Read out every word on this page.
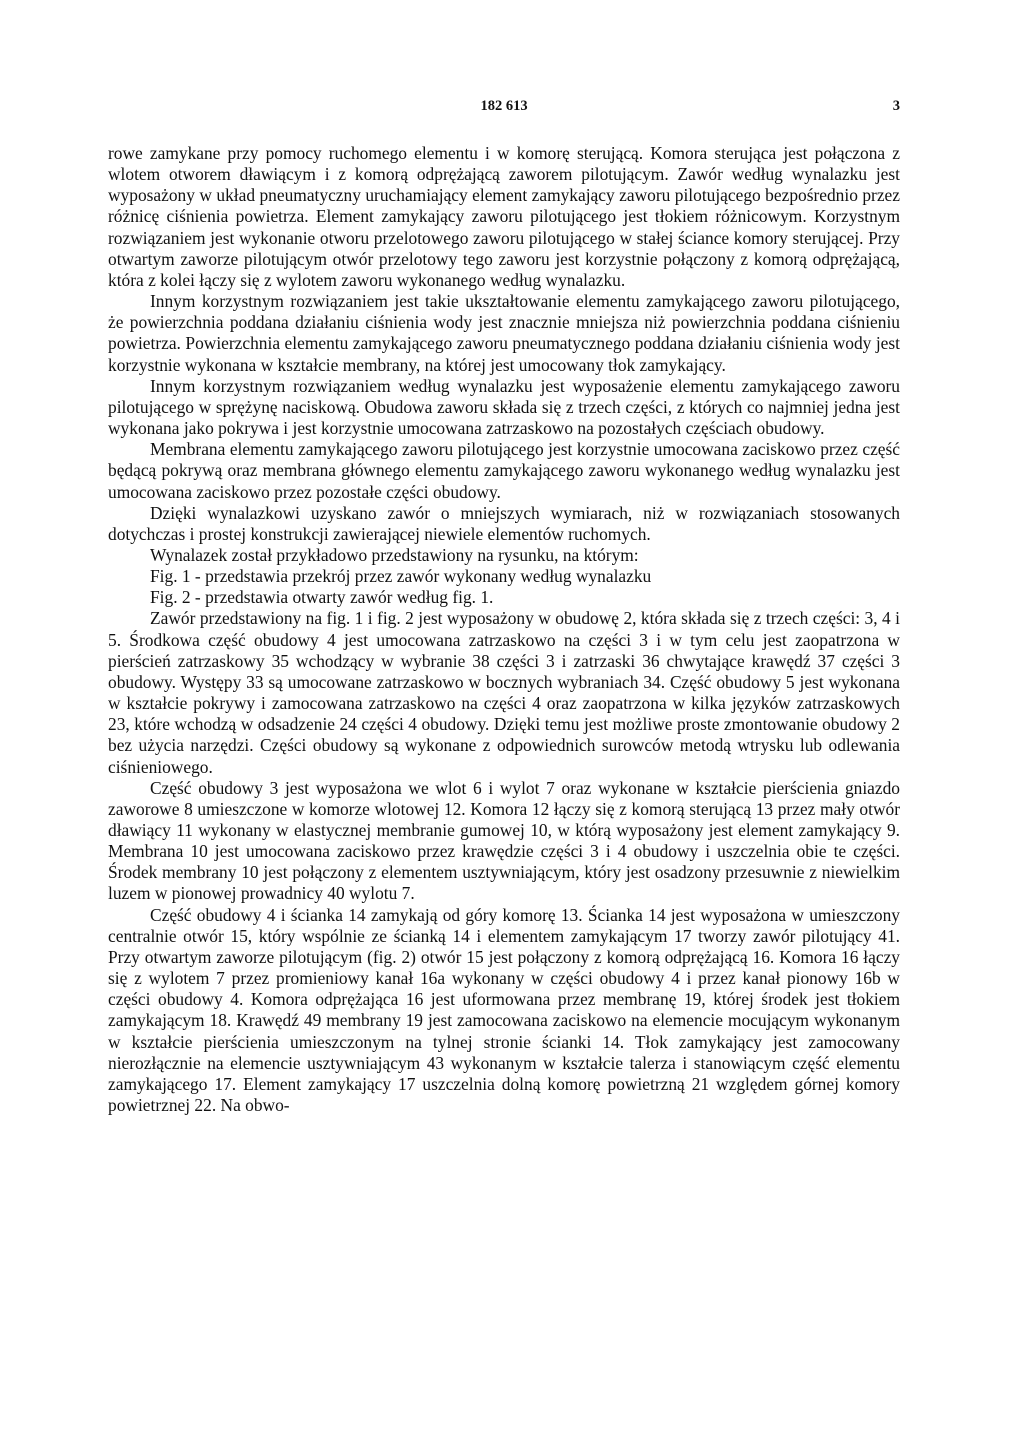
182 613	3

rowe zamykane przy pomocy ruchomego elementu i w komorę sterującą. Komora sterująca jest połączona z wlotem otworem dławiącym i z komorą odprężającą zaworem pilotującym. Zawór według wynalazku jest wyposażony w układ pneumatyczny uruchamiający element zamykający zaworu pilotującego bezpośrednio przez różnicę ciśnienia powietrza. Element zamykający zaworu pilotującego jest tłokiem różnicowym. Korzystnym rozwiązaniem jest wykonanie otworu przelotowego zaworu pilotującego w stałej ściance komory sterującej. Przy otwartym zaworze pilotującym otwór przelotowy tego zaworu jest korzystnie połączony z komorą odprężającą, która z kolei łączy się z wylotem zaworu wykonanego według wynalazku.

Innym korzystnym rozwiązaniem jest takie ukształtowanie elementu zamykającego zaworu pilotującego, że powierzchnia poddana działaniu ciśnienia wody jest znacznie mniejsza niż powierzchnia poddana ciśnieniu powietrza. Powierzchnia elementu zamykającego zaworu pneumatycznego poddana działaniu ciśnienia wody jest korzystnie wykonana w kształcie membrany, na której jest umocowany tłok zamykający.

Innym korzystnym rozwiązaniem według wynalazku jest wyposażenie elementu zamykającego zaworu pilotującego w sprężynę naciskową. Obudowa zaworu składa się z trzech części, z których co najmniej jedna jest wykonana jako pokrywa i jest korzystnie umocowana zatrzaskowo na pozostałych częściach obudowy.

Membrana elementu zamykającego zaworu pilotującego jest korzystnie umocowana zaciskowo przez część będącą pokrywą oraz membrana głównego elementu zamykającego zaworu wykonanego według wynalazku jest umocowana zaciskowo przez pozostałe części obudowy.

Dzięki wynalazkowi uzyskano zawór o mniejszych wymiarach, niż w rozwiązaniach stosowanych dotychczas i prostej konstrukcji zawierającej niewiele elementów ruchomych.

Wynalazek został przykładowo przedstawiony na rysunku, na którym:

Fig. 1 - przedstawia przekrój przez zawór wykonany według wynalazku

Fig. 2 - przedstawia otwarty zawór według fig. 1.

Zawór przedstawiony na fig. 1 i fig. 2 jest wyposażony w obudowę 2, która składa się z trzech części: 3, 4 i 5. Środkowa część obudowy 4 jest umocowana zatrzaskowo na części 3 i w tym celu jest zaopatrzona w pierścień zatrzaskowy 35 wchodzący w wybranie 38 części 3 i zatrzaski 36 chwytające krawędź 37 części 3 obudowy. Występy 33 są umocowane zatrzaskowo w bocznych wybraniach 34. Część obudowy 5 jest wykonana w kształcie pokrywy i zamocowana zatrzaskowo na części 4 oraz zaopatrzona w kilka języków zatrzaskowych 23, które wchodzą w odsadzenie 24 części 4 obudowy. Dzięki temu jest możliwe proste zmontowanie obudowy 2 bez użycia narzędzi. Części obudowy są wykonane z odpowiednich surowców metodą wtrysku lub odlewania ciśnieniowego.

Część obudowy 3 jest wyposażona we wlot 6 i wylot 7 oraz wykonane w kształcie pierścienia gniazdo zaworowe 8 umieszczone w komorze wlotowej 12. Komora 12 łączy się z komorą sterującą 13 przez mały otwór dławiący 11 wykonany w elastycznej membranie gumowej 10, w którą wyposażony jest element zamykający 9. Membrana 10 jest umocowana zaciskowo przez krawędzie części 3 i 4 obudowy i uszczelnia obie te części. Środek membrany 10 jest połączony z elementem usztywniającym, który jest osadzony przesuwnie z niewielkim luzem w pionowej prowadnicy 40 wylotu 7.

Część obudowy 4 i ścianka 14 zamykają od góry komorę 13. Ścianka 14 jest wyposażona w umieszczony centralnie otwór 15, który wspólnie ze ścianką 14 i elementem zamykającym 17 tworzy zawór pilotujący 41. Przy otwartym zaworze pilotującym (fig. 2) otwór 15 jest połączony z komorą odprężającą 16. Komora 16 łączy się z wylotem 7 przez promieniowy kanał 16a wykonany w części obudowy 4 i przez kanał pionowy 16b w części obudowy 4. Komora odprężająca 16 jest uformowana przez membranę 19, której środek jest tłokiem zamykającym 18. Krawędź 49 membrany 19 jest zamocowana zaciskowo na elemencie mocującym wykonanym w kształcie pierścienia umieszczonym na tylnej stronie ścianki 14. Tłok zamykający jest zamocowany nierozłącznie na elemencie usztywniającym 43 wykonanym w kształcie talerza i stanowiącym część elementu zamykającego 17. Element zamykający 17 uszczelnia dolną komorę powietrzną 21 względem górnej komory powietrznej 22. Na obwo-
